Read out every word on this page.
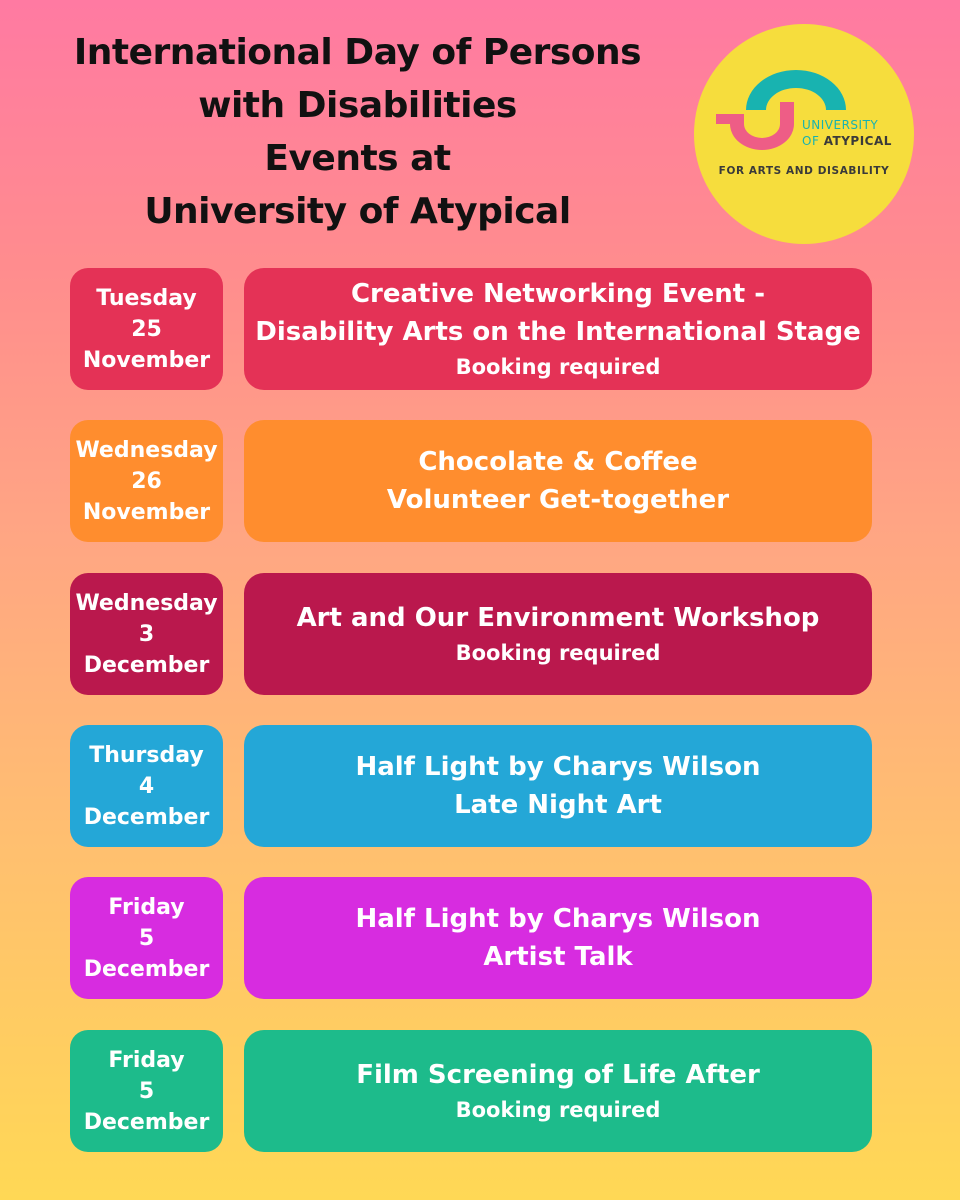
International Day of Persons
with Disabilities
Events at
University of Atypical
UNIVERSITY
OF ATYPICAL
FOR ARTS AND DISABILITY
Tuesday
25
November
Creative Networking Event -
Disability Arts on the International Stage
Booking required
Wednesday
26
November
Chocolate & Coffee
Volunteer Get-together
Wednesday
3
December
Art and Our Environment Workshop
Booking required
Thursday
4
December
Half Light by Charys Wilson
Late Night Art
Friday
5
December
Half Light by Charys Wilson
Artist Talk
Friday
5
December
Film Screening of Life After
Booking required
